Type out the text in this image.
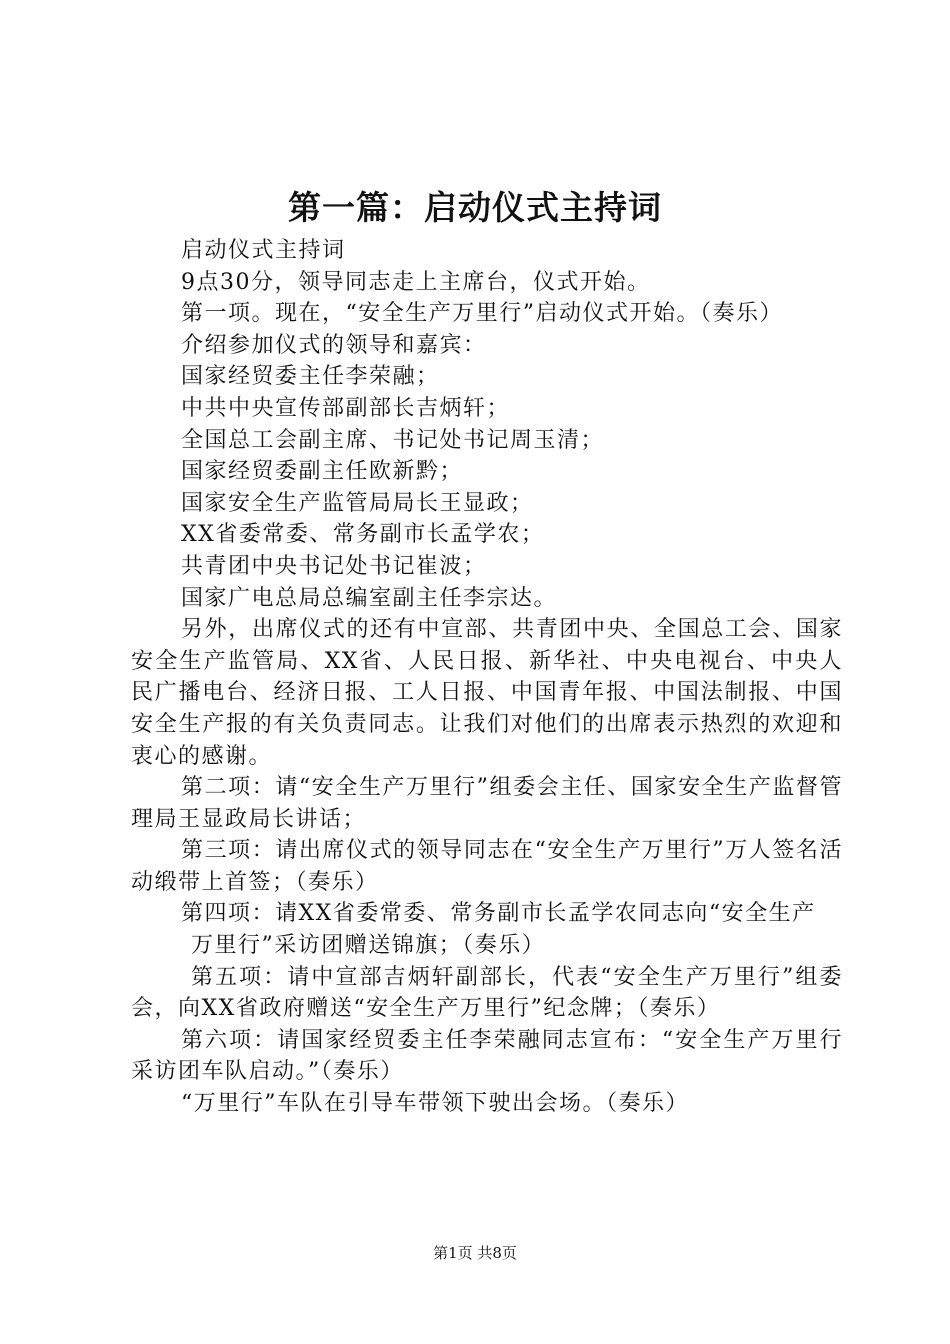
第一篇：启动仪式主持词

启动仪式主持词

9点30分，领导同志走上主席台，仪式开始。

第一项。现在，“安全生产万里行”启动仪式开始。（奏乐）

介绍参加仪式的领导和嘉宾：

国家经贸委主任李荣融；

中共中央宣传部副部长吉炳轩；

全国总工会副主席、书记处书记周玉清；

国家经贸委副主任欧新黔；

国家安全生产监管局局长王显政；

XX省委常委、常务副市长孟学农；

共青团中央书记处书记崔波；

国家广电总局总编室副主任李宗达。

另外，出席仪式的还有中宣部、共青团中央、全国总工会、国家安全生产监管局、XX省、人民日报、新华社、中央电视台、中央人民广播电台、经济日报、工人日报、中国青年报、中国法制报、中国安全生产报的有关负责同志。让我们对他们的出席表示热烈的欢迎和衷心的感谢。

第二项：请“安全生产万里行”组委会主任、国家安全生产监督管理局王显政局长讲话；

第三项：请出席仪式的领导同志在“安全生产万里行”万人签名活动缎带上首签；（奏乐）

第四项：请XX省委常委、常务副市长孟学农同志向“安全生产

万里行”采访团赠送锦旗；（奏乐）

第五项：请中宣部吉炳轩副部长，代表“安全生产万里行”组委会，向XX省政府赠送“安全生产万里行”纪念牌；（奏乐）

第六项：请国家经贸委主任李荣融同志宣布：“安全生产万里行采访团车队启动。”（奏乐）

“万里行”车队在引导车带领下驶出会场。（奏乐）

第1页 共8页
